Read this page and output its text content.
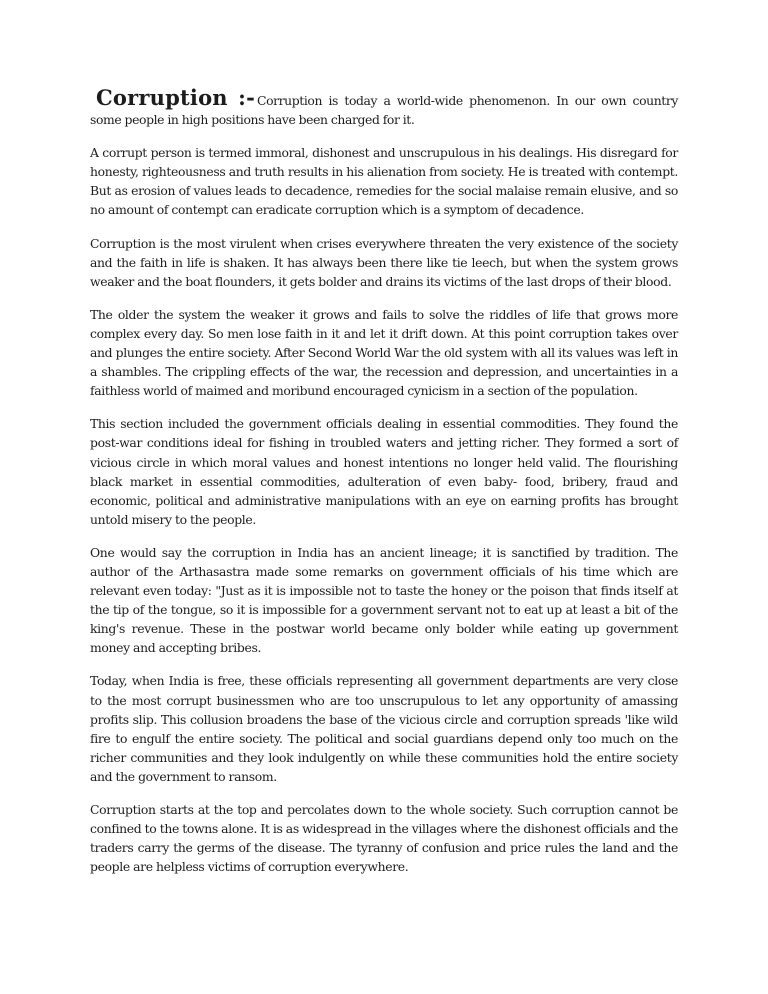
Corruption :- Corruption is today a world-wide phenomenon. In our own country some people in high positions have been charged for it.

A corrupt person is termed immoral, dishonest and unscrupulous in his dealings. His disregard for honesty, righteousness and truth results in his alienation from society. He is treated with contempt. But as erosion of values leads to decadence, remedies for the social malaise remain elusive, and so no amount of contempt can eradicate corruption which is a symptom of decadence.

Corruption is the most virulent when crises everywhere threaten the very existence of the society and the faith in life is shaken. It has always been there like tie leech, but when the system grows weaker and the boat flounders, it gets bolder and drains its victims of the last drops of their blood.

The older the system the weaker it grows and fails to solve the riddles of life that grows more complex every day. So men lose faith in it and let it drift down. At this point corruption takes over and plunges the entire society. After Second World War the old system with all its values was left in a shambles. The crippling effects of the war, the recession and depression, and uncertainties in a faithless world of maimed and moribund encouraged cynicism in a section of the population.

This section included the government officials dealing in essential commodities. They found the post-war conditions ideal for fishing in troubled waters and jetting richer. They formed a sort of vicious circle in which moral values and honest intentions no longer held valid. The flourishing black market in essential commodities, adulteration of even baby- food, bribery, fraud and economic, political and administrative manipulations with an eye on earning profits has brought untold misery to the people.

One would say the corruption in India has an ancient lineage; it is sanctified by tradition. The author of the Arthasastra made some remarks on government officials of his time which are relevant even today: "Just as it is impossible not to taste the honey or the poison that finds itself at the tip of the tongue, so it is impossible for a government servant not to eat up at least a bit of the king's revenue. These in the postwar world became only bolder while eating up government money and accepting bribes.

Today, when India is free, these officials representing all government departments are very close to the most corrupt businessmen who are too unscrupulous to let any opportunity of amassing profits slip. This collusion broadens the base of the vicious circle and corruption spreads 'like wild fire to engulf the entire society. The political and social guardians depend only too much on the richer communities and they look indulgently on while these communities hold the entire society and the government to ransom.

Corruption starts at the top and percolates down to the whole society. Such corruption cannot be confined to the towns alone. It is as widespread in the villages where the dishonest officials and the traders carry the germs of the disease. The tyranny of confusion and price rules the land and the people are helpless victims of corruption everywhere.
